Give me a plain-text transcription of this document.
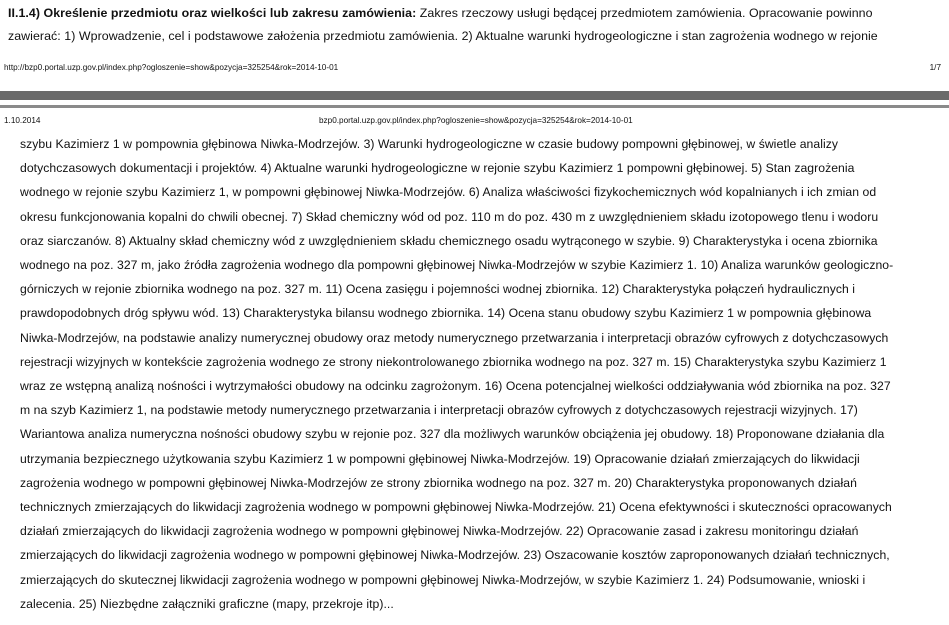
II.1.4) Określenie przedmiotu oraz wielkości lub zakresu zamówienia: Zakres rzeczowy usługi będącej przedmiotem zamówienia. Opracowanie powinno
zawierać: 1) Wprowadzenie, cel i podstawowe założenia przedmiotu zamówienia. 2) Aktualne warunki hydrogeologiczne i stan zagrożenia wodnego w rejonie
http://bzp0.portal.uzp.gov.pl/index.php?ogloszenie=show&pozycja=325254&rok=2014-10-01	1/7
1.10.2014	bzp0.portal.uzp.gov.pl/index.php?ogloszenie=show&pozycja=325254&rok=2014-10-01
szybu Kazimierz 1 w pompownia głębinowa Niwka-Modrzejów. 3) Warunki hydrogeologiczne w czasie budowy pompowni głębinowej, w świetle analizy
dotychczasowych dokumentacji i projektów. 4) Aktualne warunki hydrogeologiczne w rejonie szybu Kazimierz 1 pompowni głębinowej. 5) Stan zagrożenia
wodnego w rejonie szybu Kazimierz 1, w pompowni głębinowej Niwka-Modrzejów. 6) Analiza właściwości fizykochemicznych wód kopalnianych i ich zmian od
okresu funkcjonowania kopalni do chwili obecnej. 7) Skład chemiczny wód od poz. 110 m do poz. 430 m z uwzględnieniem składu izotopowego tlenu i wodoru
oraz siarczanów. 8) Aktualny skład chemiczny wód z uwzględnieniem składu chemicznego osadu wytrąconego w szybie. 9) Charakterystyka i ocena zbiornika
wodnego na poz. 327 m, jako źródła zagrożenia wodnego dla pompowni głębinowej Niwka-Modrzejów w szybie Kazimierz 1. 10) Analiza warunków geologiczno-
górniczych w rejonie zbiornika wodnego na poz. 327 m. 11) Ocena zasięgu i pojemności wodnej zbiornika. 12) Charakterystyka połączeń hydraulicznych i
prawdopodobnych dróg spływu wód. 13) Charakterystyka bilansu wodnego zbiornika. 14) Ocena stanu obudowy szybu Kazimierz 1 w pompownia głębinowa
Niwka-Modrzejów, na podstawie analizy numerycznej obudowy oraz metody numerycznego przetwarzania i interpretacji obrazów cyfrowych z dotychczasowych
rejestracji wizyjnych w kontekście zagrożenia wodnego ze strony niekontrolowanego zbiornika wodnego na poz. 327 m. 15) Charakterystyka szybu Kazimierz 1
wraz ze wstępną analizą nośności i wytrzymałości obudowy na odcinku zagrożonym. 16) Ocena potencjalnej wielkości oddziaływania wód zbiornika na poz. 327
m na szyb Kazimierz 1, na podstawie metody numerycznego przetwarzania i interpretacji obrazów cyfrowych z dotychczasowych rejestracji wizyjnych. 17)
Wariantowa analiza numeryczna nośności obudowy szybu w rejonie poz. 327 dla możliwych warunków obciążenia jej obudowy. 18) Proponowane działania dla
utrzymania bezpiecznego użytkowania szybu Kazimierz 1 w pompowni głębinowej Niwka-Modrzejów. 19) Opracowanie działań zmierzających do likwidacji
zagrożenia wodnego w pompowni głębinowej Niwka-Modrzejów ze strony zbiornika wodnego na poz. 327 m. 20) Charakterystyka proponowanych działań
technicznych zmierzających do likwidacji zagrożenia wodnego w pompowni głębinowej Niwka-Modrzejów. 21) Ocena efektywności i skuteczności opracowanych
działań zmierzających do likwidacji zagrożenia wodnego w pompowni głębinowej Niwka-Modrzejów. 22) Opracowanie zasad i zakresu monitoringu działań
zmierzających do likwidacji zagrożenia wodnego w pompowni głębinowej Niwka-Modrzejów. 23) Oszacowanie kosztów zaproponowanych działań technicznych,
zmierzających do skutecznej likwidacji zagrożenia wodnego w pompowni głębinowej Niwka-Modrzejów, w szybie Kazimierz 1. 24) Podsumowanie, wnioski i
zalecenia. 25) Niezbędne załączniki graficzne (mapy, przekroje itp)...
